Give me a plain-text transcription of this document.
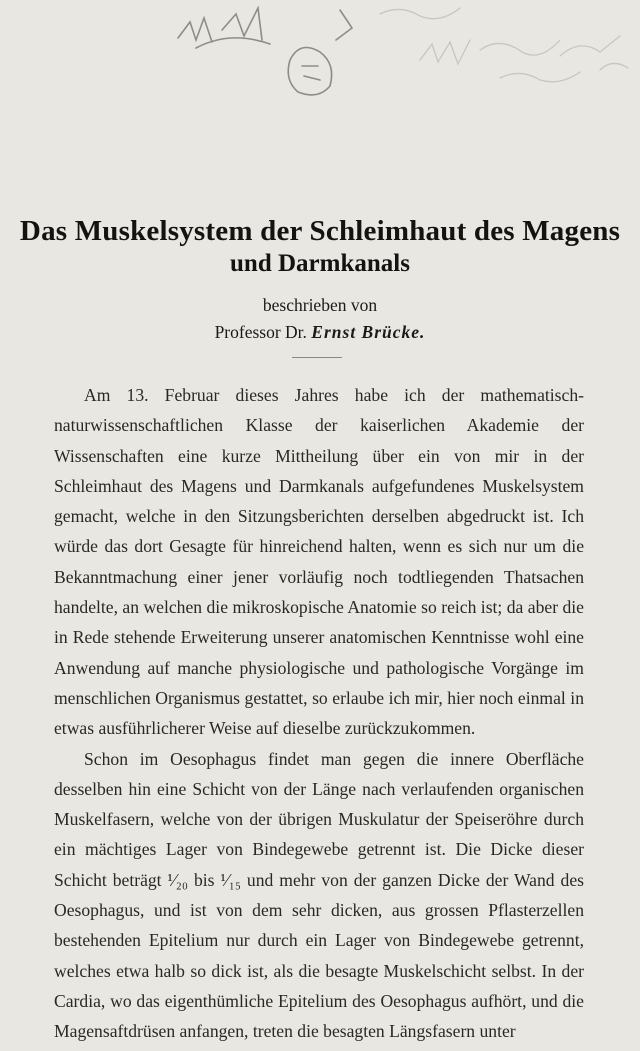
Das Muskelsystem der Schleimhaut des Magens
und Darmkanals

beschrieben von

Professor Dr. Ernst Brücke.

Am 13. Februar dieses Jahres habe ich der mathematisch-naturwissenschaftlichen Klasse der kaiserlichen Akademie der Wissenschaften eine kurze Mittheilung über ein von mir in der Schleimhaut des Magens und Darmkanals aufgefundenes Muskelsystem gemacht, welche in den Sitzungsberichten derselben abgedruckt ist. Ich würde das dort Gesagte für hinreichend halten, wenn es sich nur um die Bekanntmachung einer jener vorläufig noch todtliegenden Thatsachen handelte, an welchen die mikroskopische Anatomie so reich ist; da aber die in Rede stehende Erweiterung unserer anatomischen Kenntnisse wohl eine Anwendung auf manche physiologische und pathologische Vorgänge im menschlichen Organismus gestattet, so erlaube ich mir, hier noch einmal in etwas ausführlicherer Weise auf dieselbe zurückzukommen.

Schon im Oesophagus findet man gegen die innere Oberfläche desselben hin eine Schicht von der Länge nach verlaufenden organischen Muskelfasern, welche von der übrigen Muskulatur der Speiseröhre durch ein mächtiges Lager von Bindegewebe getrennt ist. Die Dicke dieser Schicht beträgt ¹⁄₂₀ bis ¹⁄₁₅ und mehr von der ganzen Dicke der Wand des Oesophagus, und ist von dem sehr dicken, aus grossen Pflasterzellen bestehenden Epitelium nur durch ein Lager von Bindegewebe getrennt, welches etwa halb so dick ist, als die besagte Muskelschicht selbst. In der Cardia, wo das eigenthümliche Epitelium des Oesophagus aufhört, und die Magensaftdrüsen anfangen, treten die besagten Längsfasern unter
